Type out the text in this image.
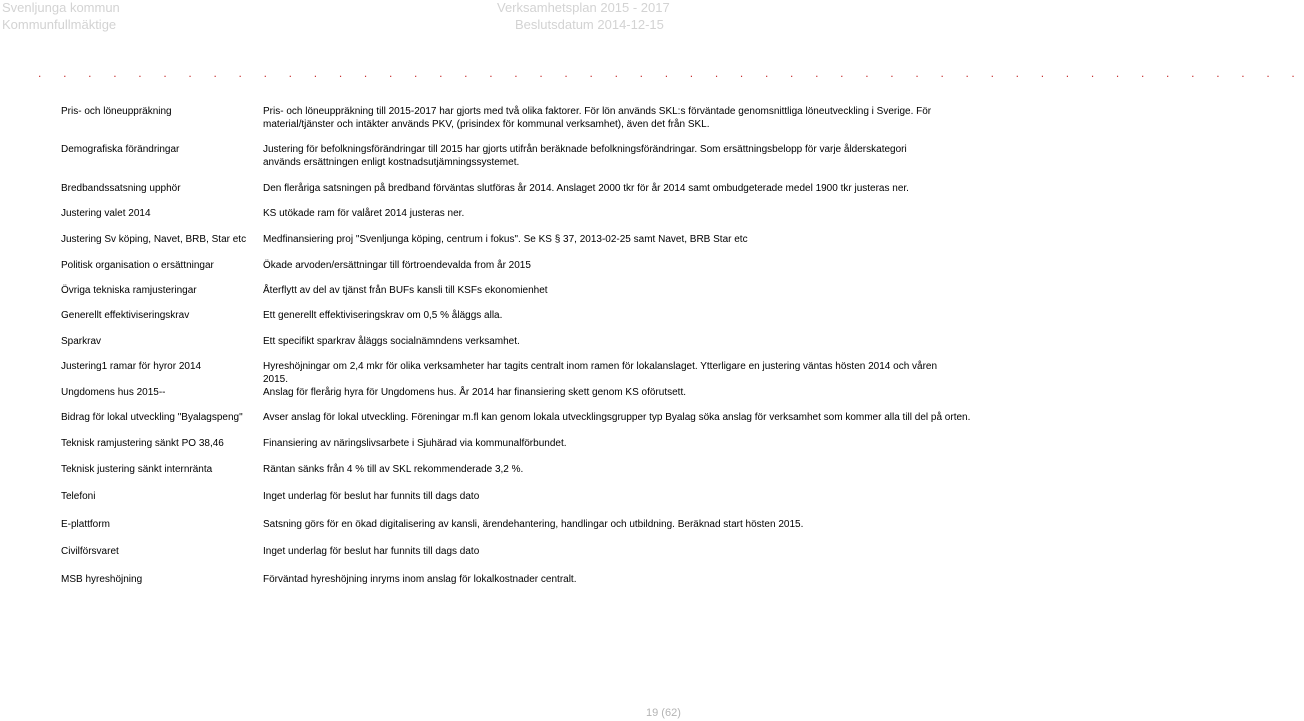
Svenljunga kommun
Kommunfullmäktige
Verksamhetsplan 2015 - 2017
Beslutsdatum 2014-12-15
. . . . . . . . . . . . . . . . . . . . . . . . . . . . . . . . . . . . . . . . . . . . . . . . . . .
Pris- och löneuppräkning	Pris- och löneuppräkning till 2015-2017 har gjorts med två olika faktorer. För lön används SKL:s förväntade genomsnittliga löneutveckling i Sverige. För material/tjänster och intäkter används PKV, (prisindex för kommunal verksamhet), även det från SKL.
Demografiska förändringar	Justering för befolkningsförändringar till 2015 har gjorts utifrån beräknade befolkningsförändringar. Som ersättningsbelopp för varje ålderskategori används ersättningen enligt kostnadsutjämningssystemet.
Bredbandssatsning upphör	Den fleråriga satsningen på bredband förväntas slutföras år 2014. Anslaget 2000 tkr för år 2014 samt ombudgeterade medel 1900 tkr justeras ner.
Justering valet 2014	KS utökade ram för valåret 2014 justeras ner.
Justering Sv köping, Navet, BRB, Star etc	Medfinansiering proj "Svenljunga köping, centrum i fokus". Se KS § 37, 2013-02-25 samt Navet, BRB Star etc
Politisk organisation o ersättningar	Ökade arvoden/ersättningar till förtroendevalda from år 2015
Övriga tekniska ramjusteringar	Återflytt av del av tjänst från BUFs kansli till KSFs ekonomienhet
Generellt effektiviseringskrav	Ett generellt effektiviseringskrav om 0,5 % åläggs alla.
Sparkrav	Ett specifikt sparkrav åläggs socialnämndens verksamhet.
Justering1 ramar för hyror 2014	Hyreshöjningar om 2,4 mkr för olika verksamheter har tagits centralt inom ramen för lokalanslaget. Ytterligare en justering väntas hösten 2014 och våren 2015.
Ungdomens hus 2015--	Anslag för flerårig hyra för Ungdomens hus. År 2014 har finansiering skett genom KS oförutsett.
Bidrag för lokal utveckling "Byalagspeng"	Avser anslag för lokal utveckling. Föreningar m.fl kan genom lokala utvecklingsgrupper typ Byalag söka anslag för verksamhet som kommer alla till del på orten.
Teknisk ramjustering sänkt PO 38,46	Finansiering av näringslivsarbete i Sjuhärad via kommunalförbundet.
Teknisk justering sänkt internränta	Räntan sänks från 4 % till av SKL rekommenderade 3,2 %.
Telefoni	Inget underlag för beslut har funnits till dags dato
E-plattform	Satsning görs för en ökad digitalisering av kansli, ärendehantering, handlingar och utbildning. Beräknad start hösten 2015.
Civilförsvaret	Inget underlag för beslut har funnits till dags dato
MSB hyreshöjning	Förväntad hyreshöjning inryms inom anslag för lokalkostnader centralt.
19 (62)
